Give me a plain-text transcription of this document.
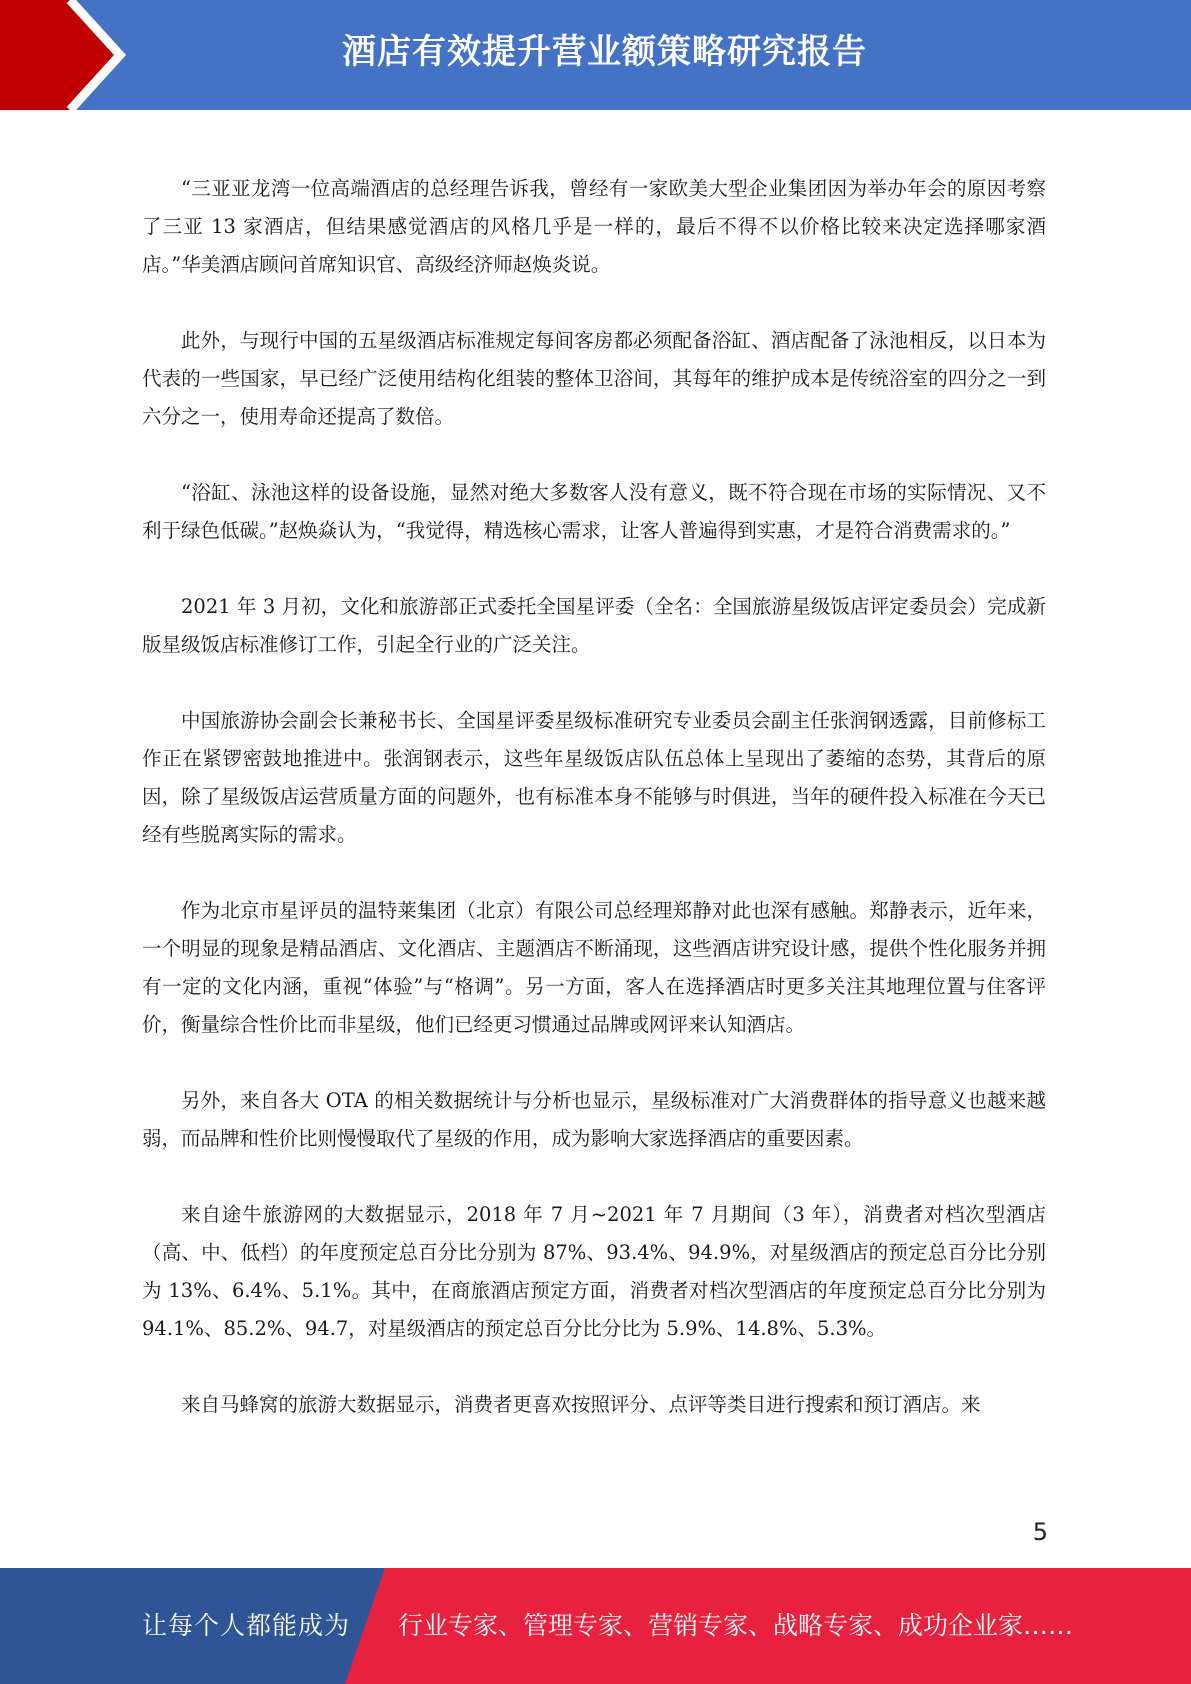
酒店有效提升营业额策略研究报告

“三亚亚龙湾一位高端酒店的总经理告诉我，曾经有一家欧美大型企业集团因为举办年会的原因考察了三亚 13 家酒店，但结果感觉酒店的风格几乎是一样的，最后不得不以价格比较来决定选择哪家酒店。”华美酒店顾问首席知识官、高级经济师赵焕炎说。

此外，与现行中国的五星级酒店标准规定每间客房都必须配备浴缸、酒店配备了泳池相反，以日本为代表的一些国家，早已经广泛使用结构化组装的整体卫浴间，其每年的维护成本是传统浴室的四分之一到六分之一，使用寿命还提高了数倍。

“浴缸、泳池这样的设备设施，显然对绝大多数客人没有意义，既不符合现在市场的实际情况、又不利于绿色低碳。”赵焕焱认为，“我觉得，精选核心需求，让客人普遍得到实惠，才是符合消费需求的。”

2021 年 3 月初，文化和旅游部正式委托全国星评委（全名：全国旅游星级饭店评定委员会）完成新版星级饭店标准修订工作，引起全行业的广泛关注。

中国旅游协会副会长兼秘书长、全国星评委星级标准研究专业委员会副主任张润钢透露，目前修标工作正在紧锣密鼓地推进中。张润钢表示，这些年星级饭店队伍总体上呈现出了萎缩的态势，其背后的原因，除了星级饭店运营质量方面的问题外，也有标准本身不能够与时俱进，当年的硬件投入标准在今天已经有些脱离实际的需求。

作为北京市星评员的温特莱集团（北京）有限公司总经理郑静对此也深有感触。郑静表示，近年来，一个明显的现象是精品酒店、文化酒店、主题酒店不断涌现，这些酒店讲究设计感，提供个性化服务并拥有一定的文化内涵，重视“体验”与“格调”。另一方面，客人在选择酒店时更多关注其地理位置与住客评价，衡量综合性价比而非星级，他们已经更习惯通过品牌或网评来认知酒店。

另外，来自各大 OTA 的相关数据统计与分析也显示，星级标准对广大消费群体的指导意义也越来越弱，而品牌和性价比则慢慢取代了星级的作用，成为影响大家选择酒店的重要因素。

来自途牛旅游网的大数据显示，2018 年 7 月~2021 年 7 月期间（3 年），消费者对档次型酒店（高、中、低档）的年度预定总百分比分别为 87%、93.4%、94.9%，对星级酒店的预定总百分比分别为 13%、6.4%、5.1%。其中，在商旅酒店预定方面，消费者对档次型酒店的年度预定总百分比分别为 94.1%、85.2%、94.7，对星级酒店的预定总百分比分比为 5.9%、14.8%、5.3%。

来自马蜂窝的旅游大数据显示，消费者更喜欢按照评分、点评等类目进行搜索和预订酒店。来

5
让每个人都能成为 行业专家、管理专家、营销专家、战略专家、成功企业家……
